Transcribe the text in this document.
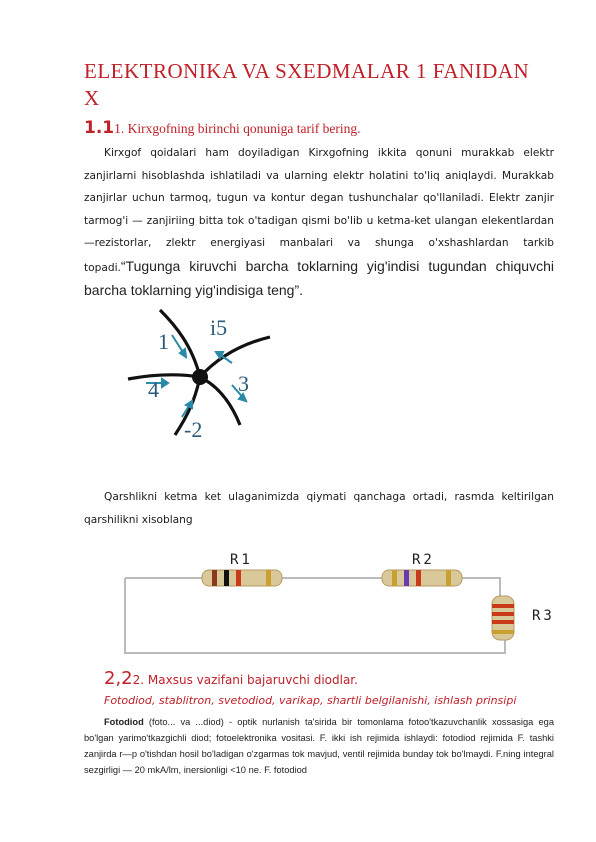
ELEKTRONIKA VA SXEDMALAR 1 FANIDAN
X
1.11. Kirxgofning birinchi qonuniga tarif bering.
Kirxgof qoidalari ham doyiladigan Kirxgofning ikkita qonuni murakkab elektr zanjirlarni hisoblashda ishlatiladi va ularning elektr holatini to'liq aniqlaydi. Murakkab zanjirlar uchun tarmoq, tugun va kontur degan tushunchalar qo'llaniladi. Elektr zanjir tarmog'i — zanjiriing bitta tok o'tadigan qismi bo'lib u ketma-ket ulangan elekentlardan—rezistorlar, zlektr energiyasi manbalari va shunga o'xshashlardan tarkib topadi.“Tugunga kiruvchi barcha toklarning yig'indisi tugundan chiquvchi barcha toklarning yig'indisiga teng”.
1
i5
3
-2
4
Qarshlikni ketma ket ulaganimizda qiymati qanchaga ortadi, rasmda keltirilgan qarshilikni xisoblang
R1	R2
R3
2,22. Maxsus vazifani bajaruvchi diodlar.
Fotodiod, stablitron, svetodiod, varikap, shartli belgilanishi, ishlash prinsipi
Fotodiod (foto... va ...diod) - optik nurlanish ta'sirida bir tomonlama fotoo'tkazuvchanlik xossasiga ega bo'lgan yarimo'tkazgichli diod; fotoelektronika vositasi. F. ikki ish rejimida ishlaydi: fotodiod rejimida F. tashki zanjirda r—p o'tishdan hosil bo'ladigan o'zgarmas tok mavjud, ventil rejimida bunday tok bo'lmaydi. F.ning integral sezgirligi — 20 mkA/lm, inersionligi <10 ne. F. fotodiod
